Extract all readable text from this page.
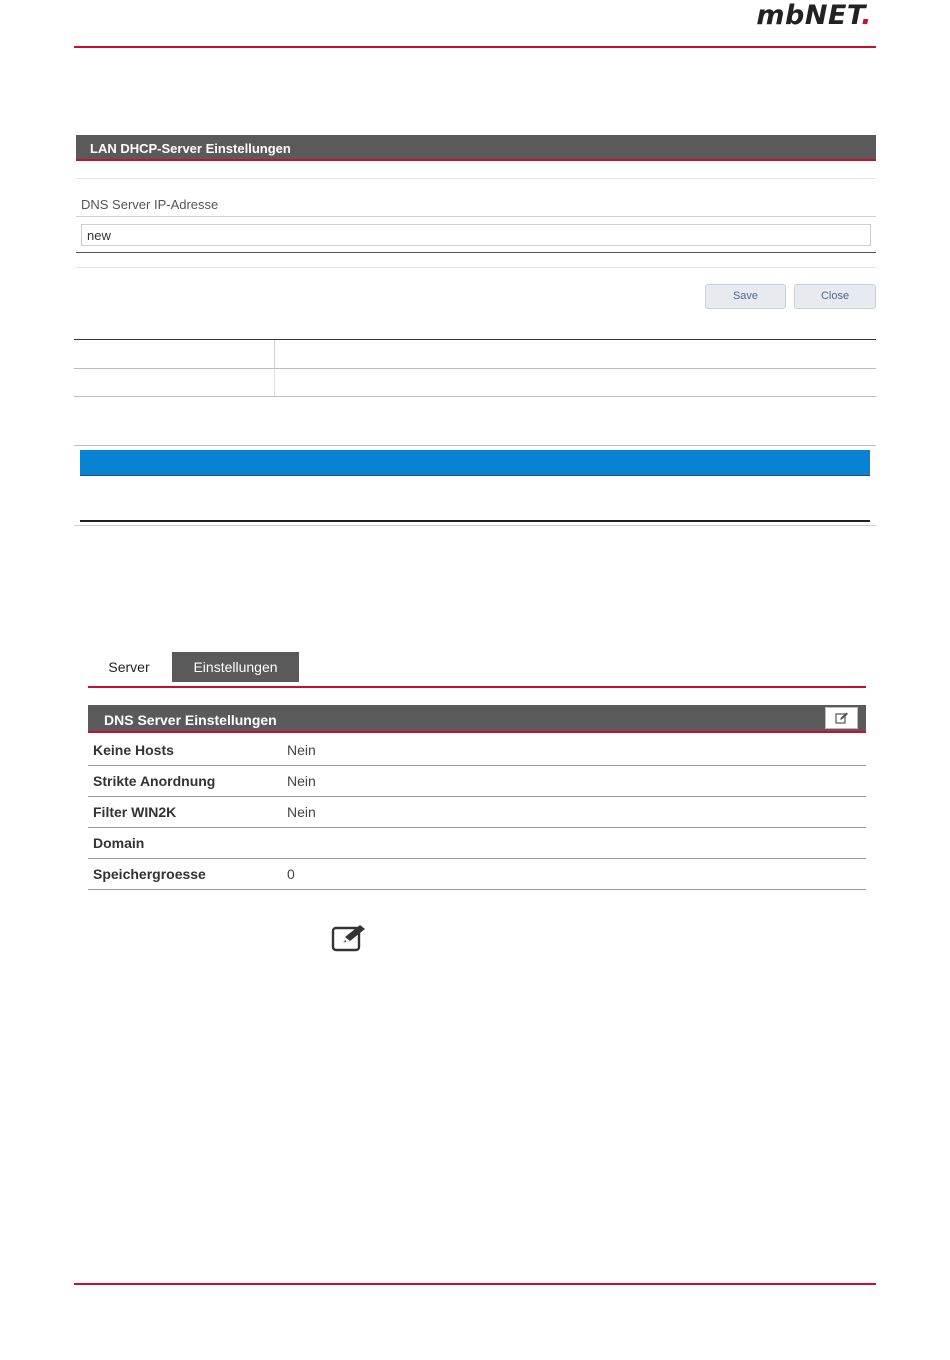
mbNET.
LAN DHCP-Server Einstellungen
DNS Server IP-Adresse
new
Save	Close
Server	Einstellungen
DNS Server Einstellungen
Keine Hosts	Nein
Strikte Anordnung	Nein
Filter WIN2K	Nein
Domain
Speichergroesse	0
